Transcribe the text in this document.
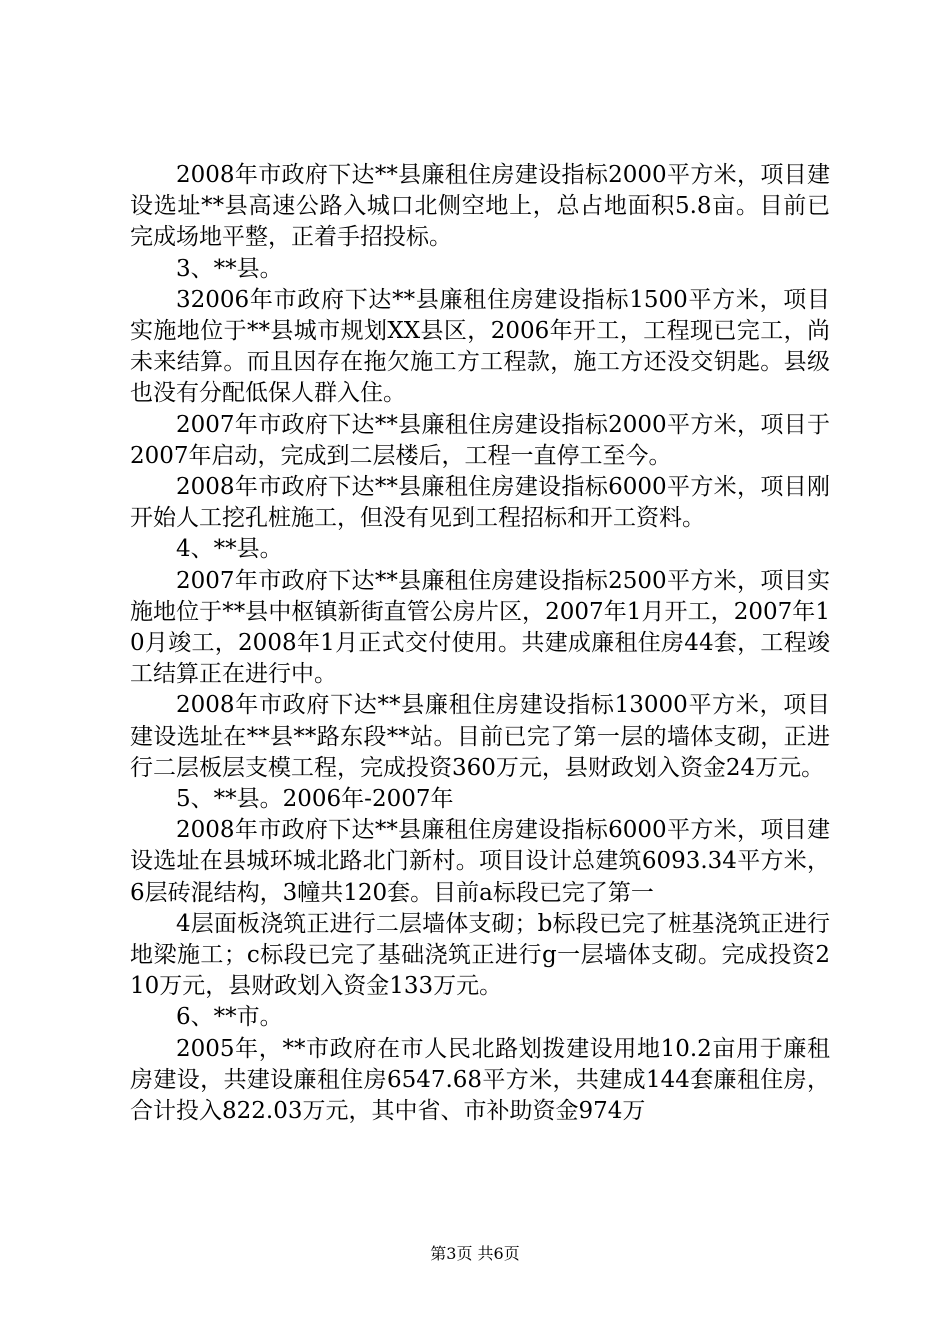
2008年市政府下达**县廉租住房建设指标2000平方米，项目建设选址**县高速公路入城口北侧空地上，总占地面积5.8亩。目前已完成场地平整，正着手招投标。

3、**县。

32006年市政府下达**县廉租住房建设指标1500平方米，项目实施地位于**县城市规划XX县区，2006年开工，工程现已完工，尚未来结算。而且因存在拖欠施工方工程款，施工方还没交钥匙。县级也没有分配低保人群入住。

2007年市政府下达**县廉租住房建设指标2000平方米，项目于2007年启动，完成到二层楼后，工程一直停工至今。

2008年市政府下达**县廉租住房建设指标6000平方米，项目刚开始人工挖孔桩施工，但没有见到工程招标和开工资料。

4、**县。

2007年市政府下达**县廉租住房建设指标2500平方米，项目实施地位于**县中枢镇新街直管公房片区，2007年1月开工，2007年10月竣工，2008年1月正式交付使用。共建成廉租住房44套，工程竣工结算正在进行中。

2008年市政府下达**县廉租住房建设指标13000平方米，项目建设选址在**县**路东段**站。目前已完了第一层的墙体支砌，正进行二层板层支模工程，完成投资360万元，县财政划入资金24万元。

5、**县。2006年-2007年

2008年市政府下达**县廉租住房建设指标6000平方米，项目建设选址在县城环城北路北门新村。项目设计总建筑6093.34平方米，6层砖混结构，3幢共120套。目前a标段已完了第一

4层面板浇筑正进行二层墙体支砌；b标段已完了桩基浇筑正进行地梁施工；c标段已完了基础浇筑正进行g一层墙体支砌。完成投资210万元，县财政划入资金133万元。

6、**市。

2005年，**市政府在市人民北路划拨建设用地10.2亩用于廉租房建设，共建设廉租住房6547.68平方米，共建成144套廉租住房，合计投入822.03万元，其中省、市补助资金974万

第3页 共6页
